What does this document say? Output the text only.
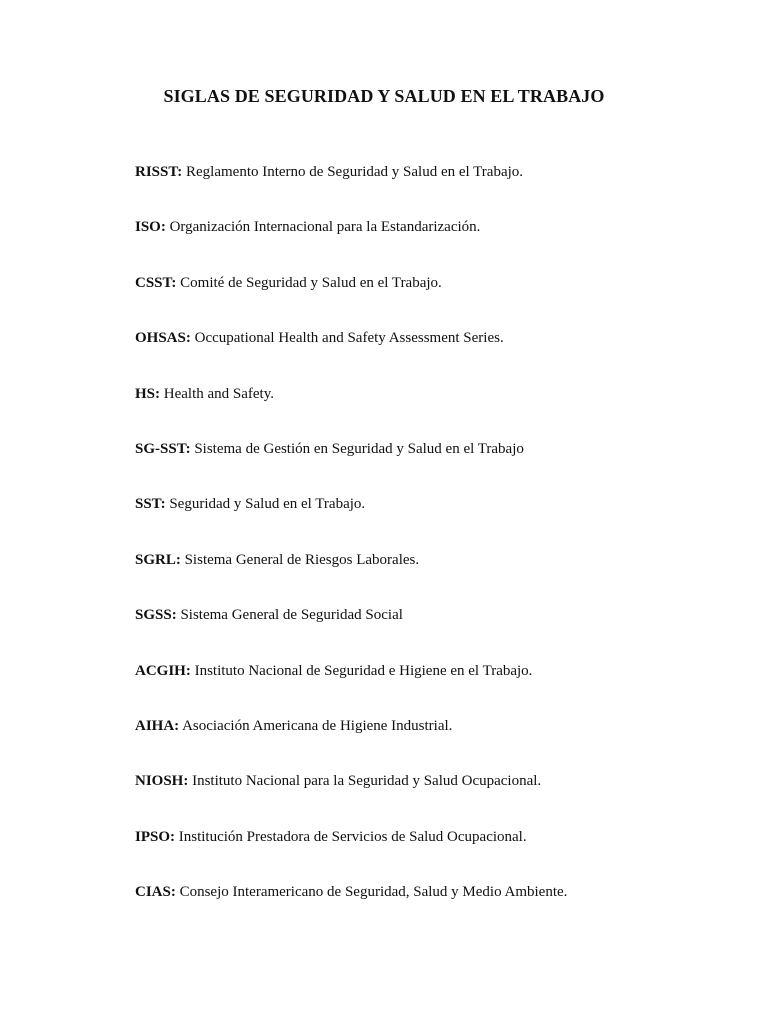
SIGLAS DE SEGURIDAD Y SALUD EN EL TRABAJO
RISST: Reglamento Interno de Seguridad y Salud en el Trabajo.
ISO: Organización Internacional para la Estandarización.
CSST: Comité de Seguridad y Salud en el Trabajo.
OHSAS: Occupational Health and Safety Assessment Series.
HS: Health and Safety.
SG-SST: Sistema de Gestión en Seguridad y Salud en el Trabajo
SST: Seguridad y Salud en el Trabajo.
SGRL: Sistema General de Riesgos Laborales.
SGSS: Sistema General de Seguridad Social
ACGIH: Instituto Nacional de Seguridad e Higiene en el Trabajo.
AIHA: Asociación Americana de Higiene Industrial.
NIOSH: Instituto Nacional para la Seguridad y Salud Ocupacional.
IPSO: Institución Prestadora de Servicios de Salud Ocupacional.
CIAS: Consejo Interamericano de Seguridad, Salud y Medio Ambiente.
